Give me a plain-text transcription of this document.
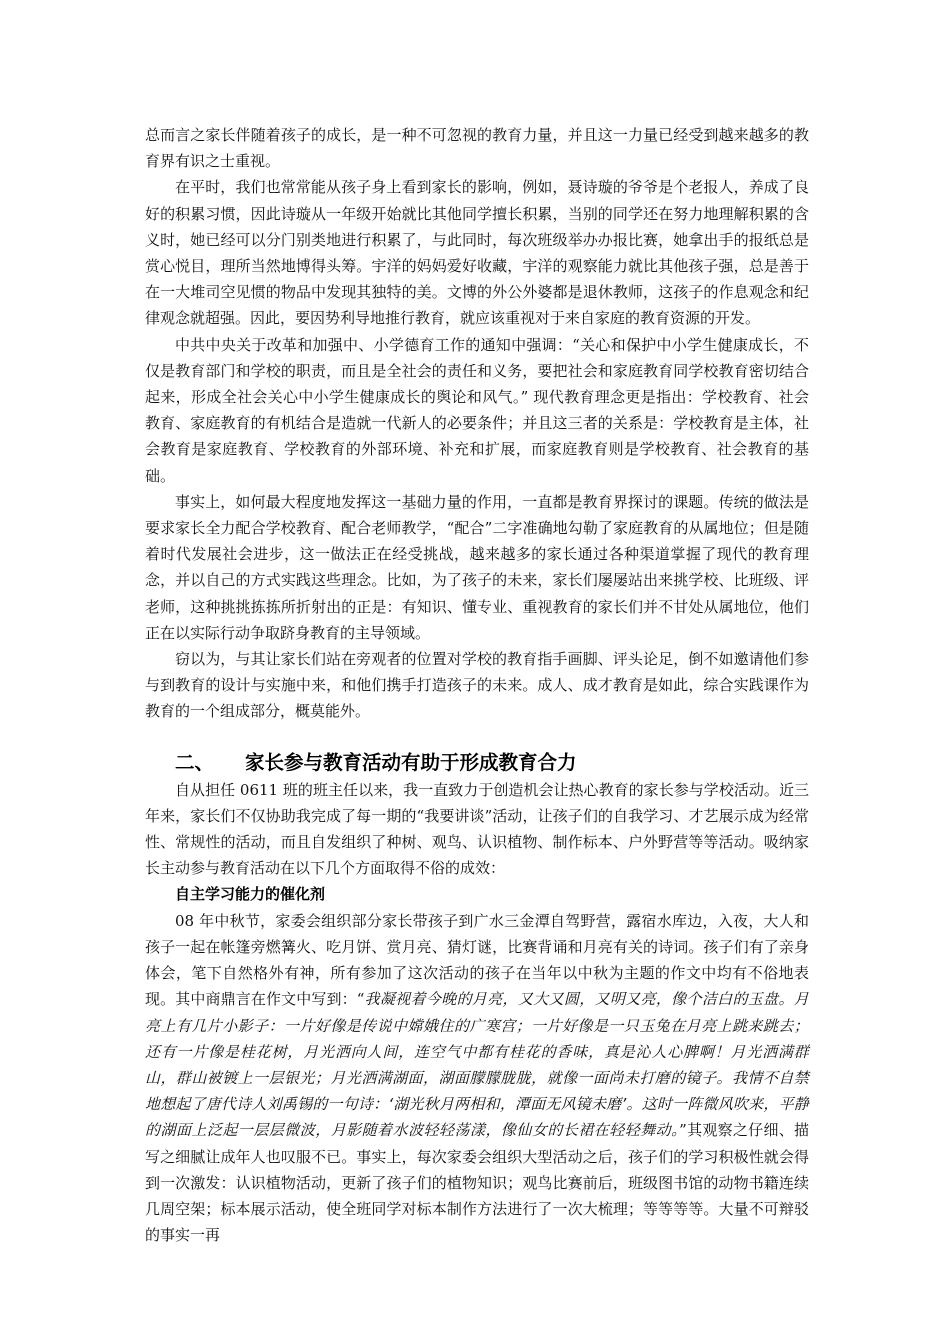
总而言之家长伴随着孩子的成长，是一种不可忽视的教育力量，并且这一力量已经受到越来越多的教育界有识之士重视。

在平时，我们也常常能从孩子身上看到家长的影响，例如，聂诗璇的爷爷是个老报人，养成了良好的积累习惯，因此诗璇从一年级开始就比其他同学擅长积累，当别的同学还在努力地理解积累的含义时，她已经可以分门别类地进行积累了，与此同时，每次班级举办办报比赛，她拿出手的报纸总是赏心悦目，理所当然地博得头筹。宇洋的妈妈爱好收藏，宇洋的观察能力就比其他孩子强，总是善于在一大堆司空见惯的物品中发现其独特的美。文博的外公外婆都是退休教师，这孩子的作息观念和纪律观念就超强。因此，要因势利导地推行教育，就应该重视对于来自家庭的教育资源的开发。

中共中央关于改革和加强中、小学德育工作的通知中强调：“关心和保护中小学生健康成长，不仅是教育部门和学校的职责，而且是全社会的责任和义务，要把社会和家庭教育同学校教育密切结合起来，形成全社会关心中小学生健康成长的舆论和风气。” 现代教育理念更是指出：学校教育、社会教育、家庭教育的有机结合是造就一代新人的必要条件；并且这三者的关系是：学校教育是主体，社会教育是家庭教育、学校教育的外部环境、补充和扩展，而家庭教育则是学校教育、社会教育的基础。

事实上，如何最大程度地发挥这一基础力量的作用，一直都是教育界探讨的课题。传统的做法是要求家长全力配合学校教育、配合老师教学，“配合”二字准确地勾勒了家庭教育的从属地位；但是随着时代发展社会进步，这一做法正在经受挑战，越来越多的家长通过各种渠道掌握了现代的教育理念，并以自己的方式实践这些理念。比如，为了孩子的未来，家长们屡屡站出来挑学校、比班级、评老师，这种挑挑拣拣所折射出的正是：有知识、懂专业、重视教育的家长们并不甘处从属地位，他们正在以实际行动争取跻身教育的主导领域。

窃以为，与其让家长们站在旁观者的位置对学校的教育指手画脚、评头论足，倒不如邀请他们参与到教育的设计与实施中来，和他们携手打造孩子的未来。成人、成才教育是如此，综合实践课作为教育的一个组成部分，概莫能外。

二、 家长参与教育活动有助于形成教育合力

自从担任 0611 班的班主任以来，我一直致力于创造机会让热心教育的家长参与学校活动。近三年来，家长们不仅协助我完成了每一期的“我要讲谈”活动，让孩子们的自我学习、才艺展示成为经常性、常规性的活动，而且自发组织了种树、观鸟、认识植物、制作标本、户外野营等等活动。吸纳家长主动参与教育活动在以下几个方面取得不俗的成效：

自主学习能力的催化剂

08 年中秋节，家委会组织部分家长带孩子到广水三金潭自驾野营，露宿水库边，入夜，大人和孩子一起在帐篷旁燃篝火、吃月饼、赏月亮、猜灯谜，比赛背诵和月亮有关的诗词。孩子们有了亲身体会，笔下自然格外有神，所有参加了这次活动的孩子在当年以中秋为主题的作文中均有不俗地表现。其中商鼎言在作文中写到：“我凝视着今晚的月亮，又大又圆，又明又亮，像个洁白的玉盘。月亮上有几片小影子：一片好像是传说中嫦娥住的广寒宫；一片好像是一只玉兔在月亮上跳来跳去；还有一片像是桂花树，月光洒向人间，连空气中都有桂花的香味，真是沁人心脾啊！月光洒满群山，群山被镀上一层银光；月光洒满湖面，湖面朦朦胧胧，就像一面尚未打磨的镜子。我情不自禁地想起了唐代诗人刘禹锡的一句诗：‘湖光秋月两相和，潭面无风镜未磨’。这时一阵微风吹来，平静的湖面上泛起一层层微波，月影随着水波轻轻荡漾，像仙女的长裙在轻轻舞动。”其观察之仔细、描写之细腻让成年人也叹服不已。事实上，每次家委会组织大型活动之后，孩子们的学习积极性就会得到一次激发：认识植物活动，更新了孩子们的植物知识；观鸟比赛前后，班级图书馆的动物书籍连续几周空架；标本展示活动，使全班同学对标本制作方法进行了一次大梳理；等等等等。大量不可辩驳的事实一再
